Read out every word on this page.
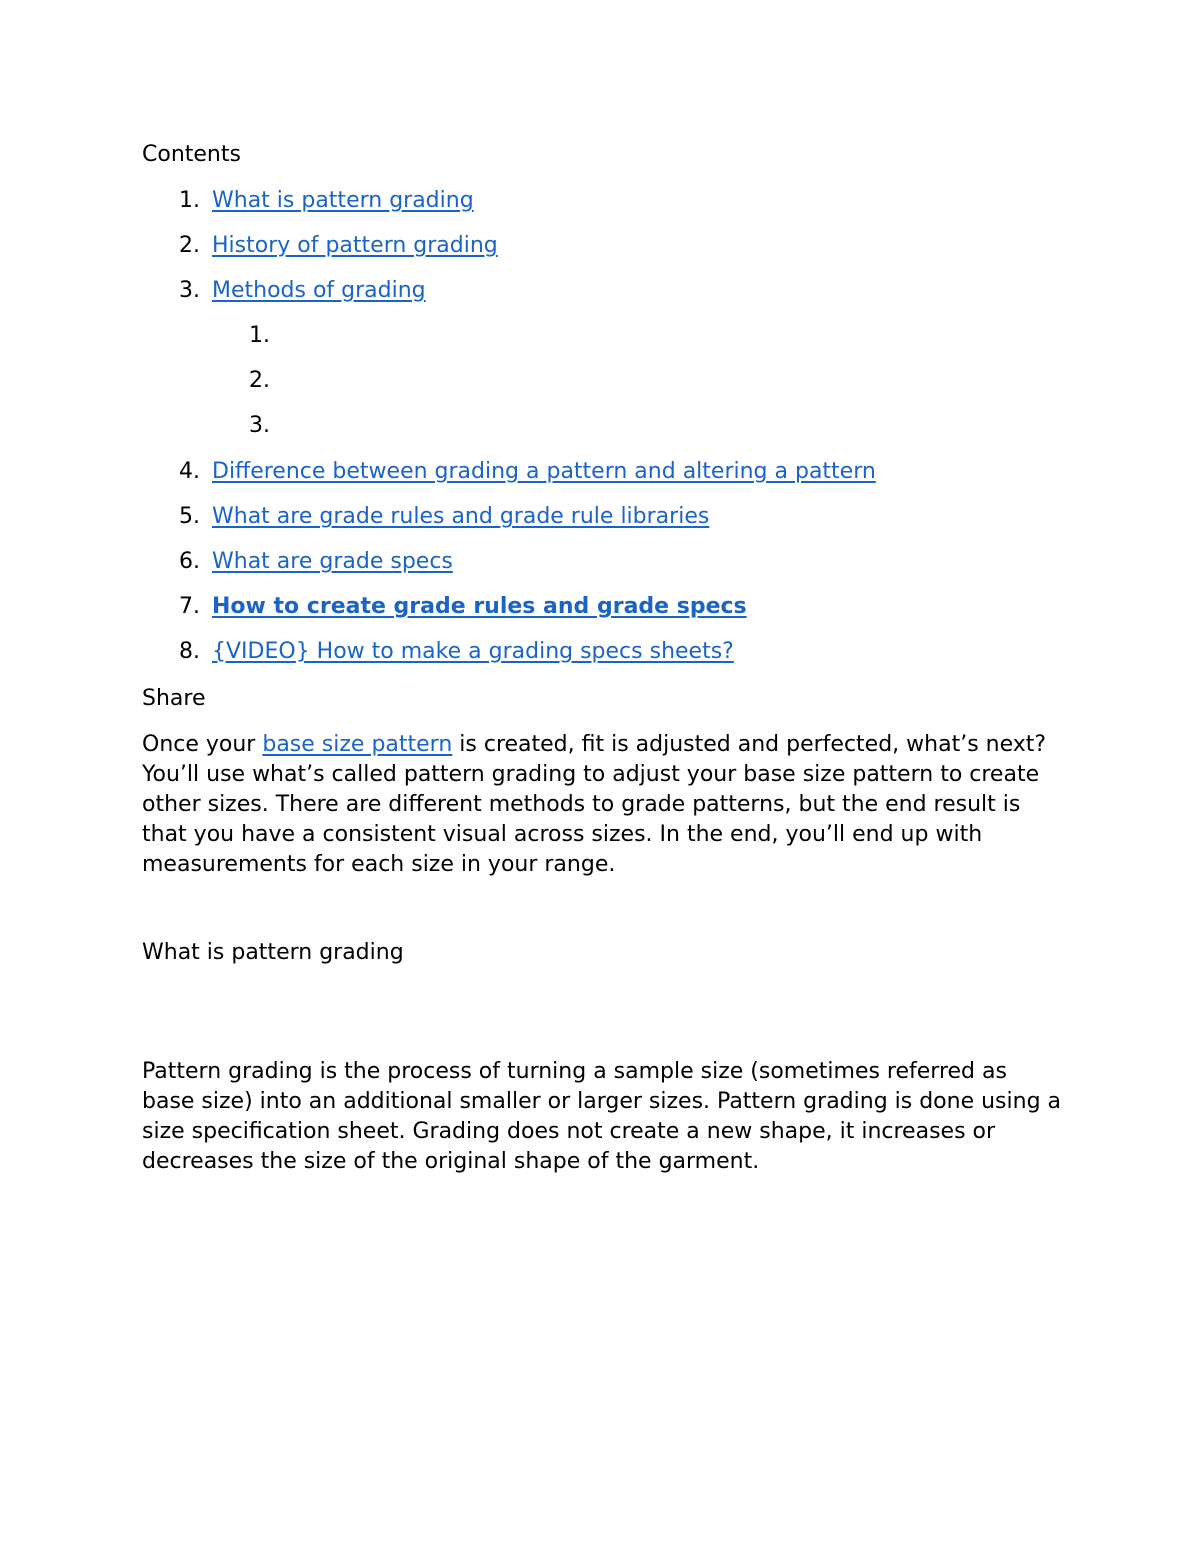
Contents
1. What is pattern grading
2. History of pattern grading
3. Methods of grading
1.
2.
3.
4. Difference between grading a pattern and altering a pattern
5. What are grade rules and grade rule libraries
6. What are grade specs
7. How to create grade rules and grade specs
8. {VIDEO} How to make a grading specs sheets?
Share

Once your base size pattern is created, fit is adjusted and perfected, what’s next? You’ll use what’s called pattern grading to adjust your base size pattern to create other sizes. There are different methods to grade patterns, but the end result is that you have a consistent visual across sizes. In the end, you’ll end up with measurements for each size in your range.

What is pattern grading

Pattern grading is the process of turning a sample size (sometimes referred as base size) into an additional smaller or larger sizes. Pattern grading is done using a size specification sheet. Grading does not create a new shape, it increases or decreases the size of the original shape of the garment.
